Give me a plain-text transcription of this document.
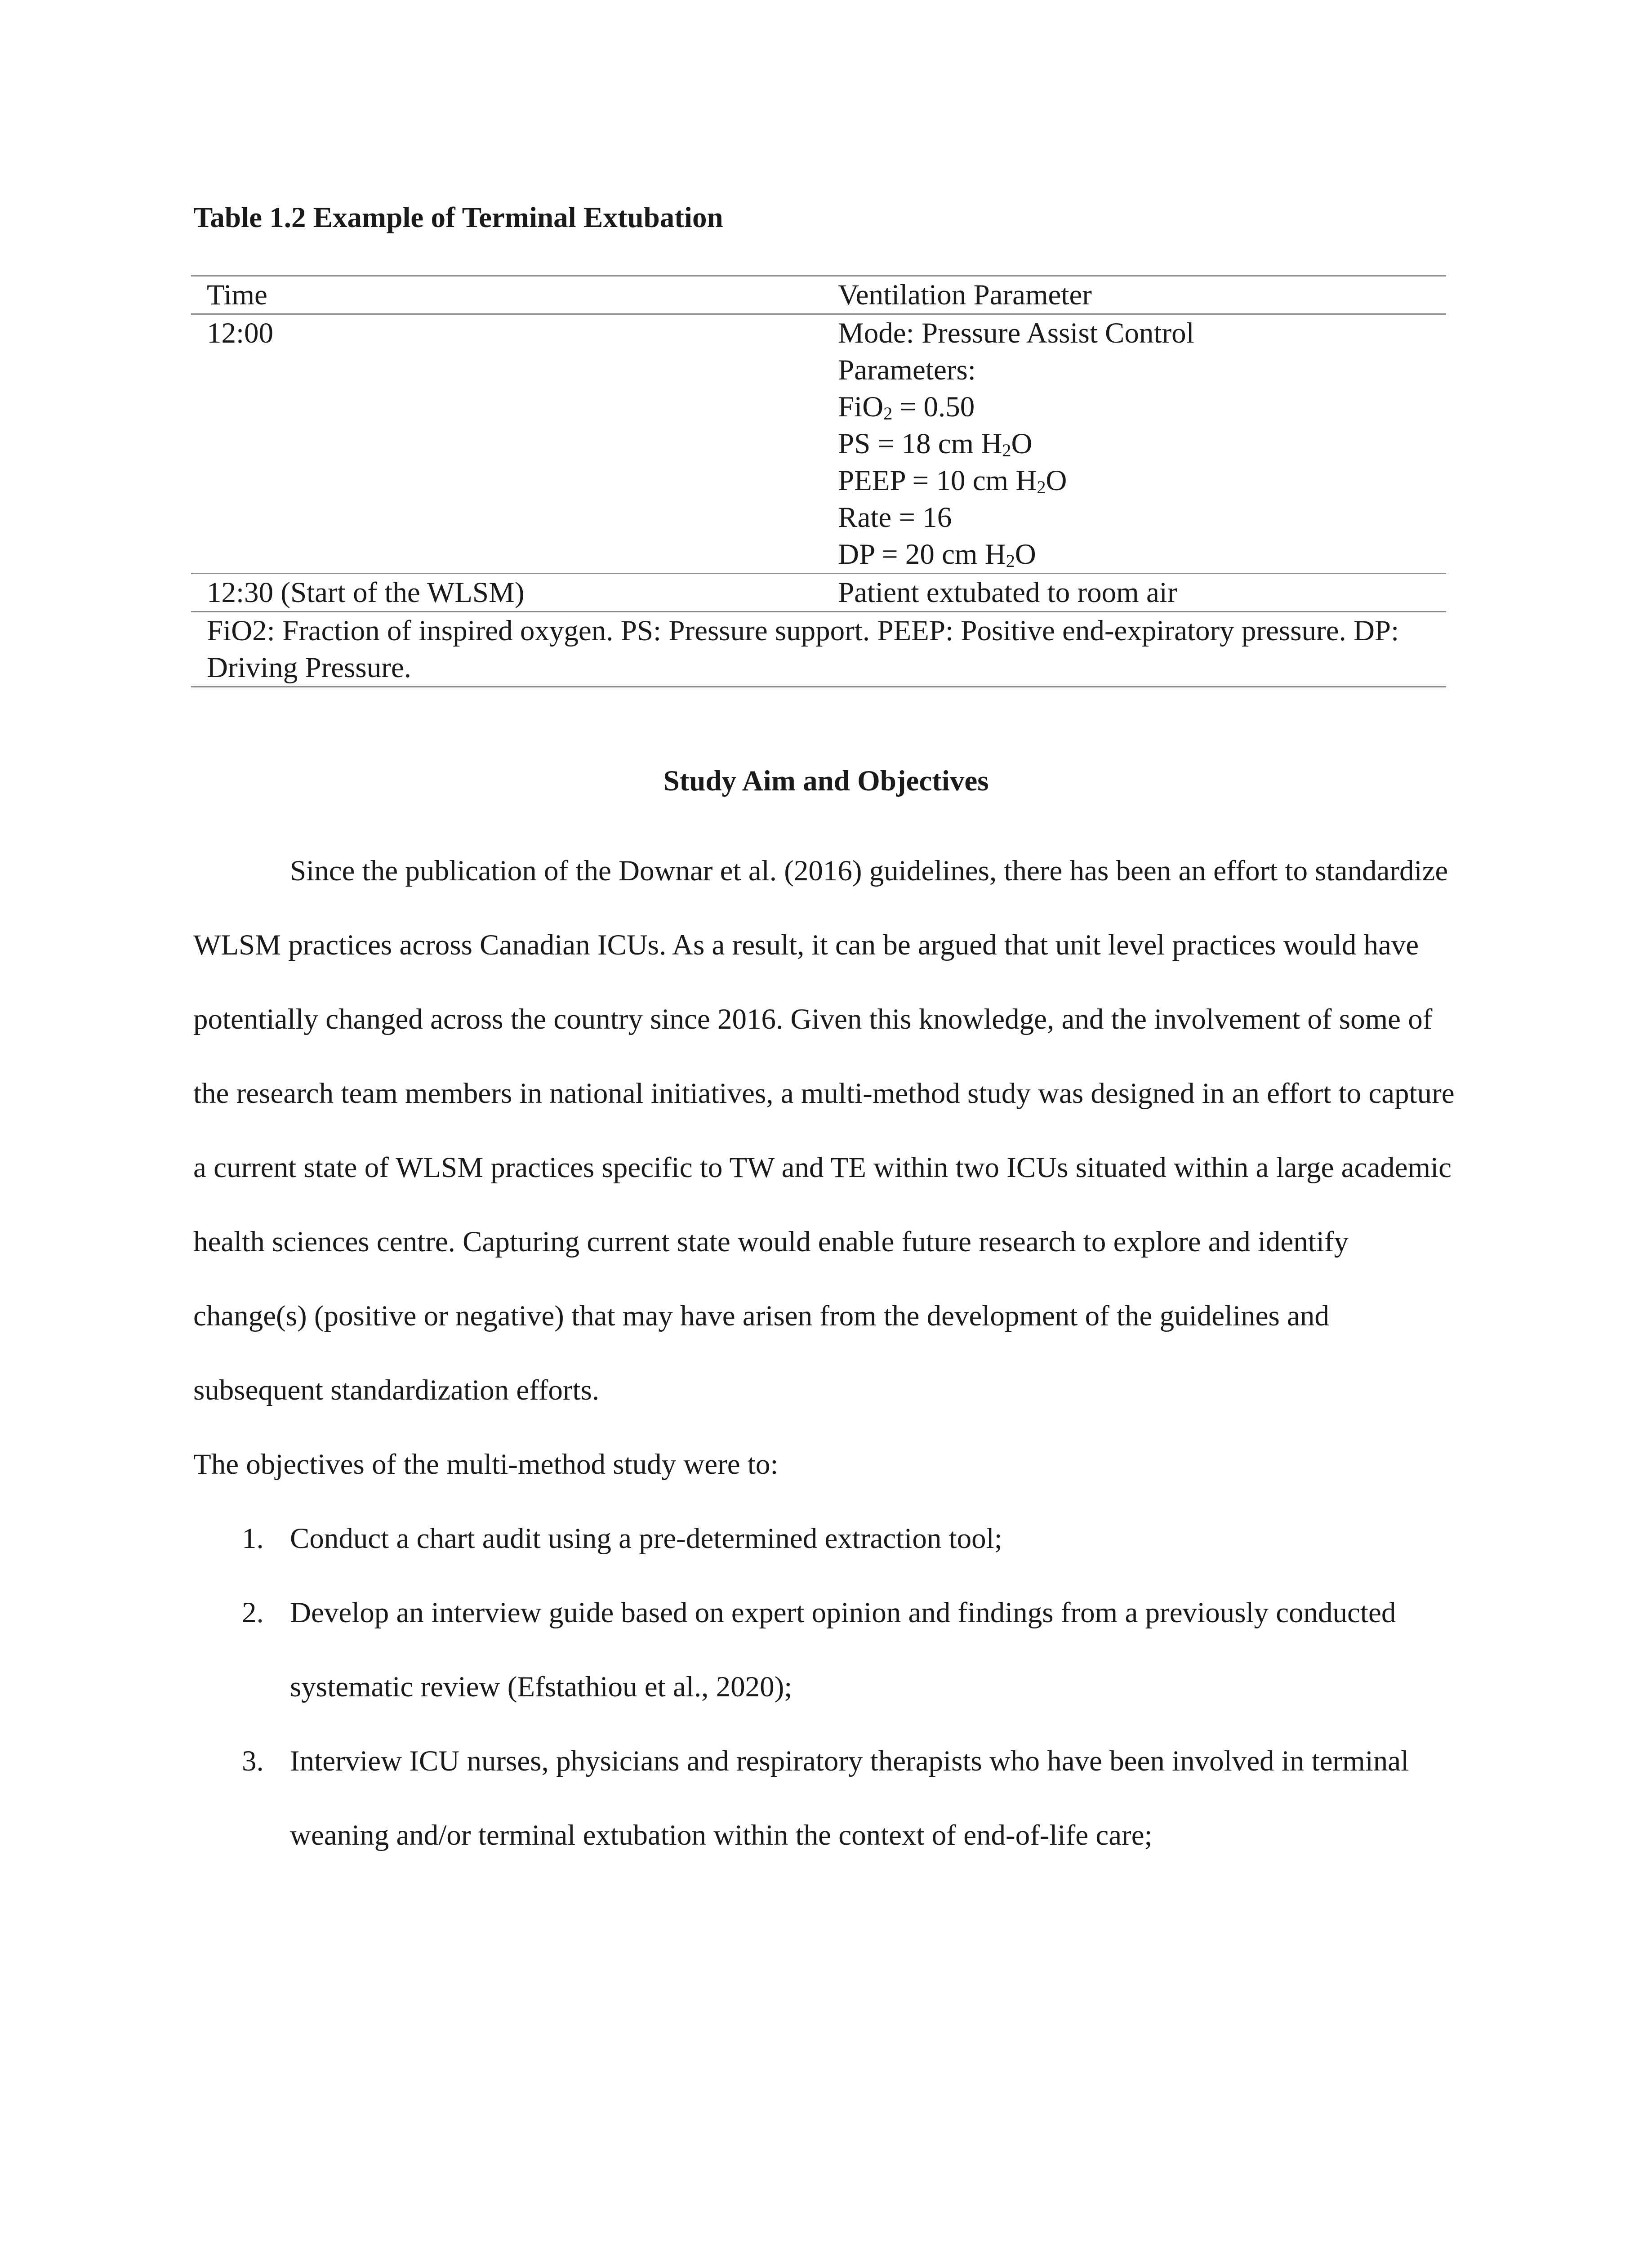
Table 1.2 Example of Terminal Extubation
Time	Ventilation Parameter
12:00	Mode: Pressure Assist Control
Parameters:
FiO$_2$ = 0.50
PS = 18 cm $H_2O$
PEEP = 10 cm $H_2O$
Rate = 16
DP = 20 cm $H_2O$
12:30 (Start of the WLSM)	Patient extubated to room air
FiO2: Fraction of inspired oxygen. PS: Pressure support. PEEP: Positive end-expiratory pressure. DP: Driving Pressure.
Study Aim and Objectives

Since the publication of the Downar et al. (2016) guidelines, there has been an effort to standardize WLSM practices across Canadian ICUs. As a result, it can be argued that unit level practices would have potentially changed across the country since 2016. Given this knowledge, and the involvement of some of the research team members in national initiatives, a multi-method study was designed in an effort to capture a current state of WLSM practices specific to TW and TE within two ICUs situated within a large academic health sciences centre. Capturing current state would enable future research to explore and identify change(s) (positive or negative) that may have arisen from the development of the guidelines and subsequent standardization efforts.

The objectives of the multi-method study were to:

1. Conduct a chart audit using a pre-determined extraction tool;
2. Develop an interview guide based on expert opinion and findings from a previously conducted systematic review (Efstathiou et al., 2020);
3. Interview ICU nurses, physicians and respiratory therapists who have been involved in terminal weaning and/or terminal extubation within the context of end-of-life care;
